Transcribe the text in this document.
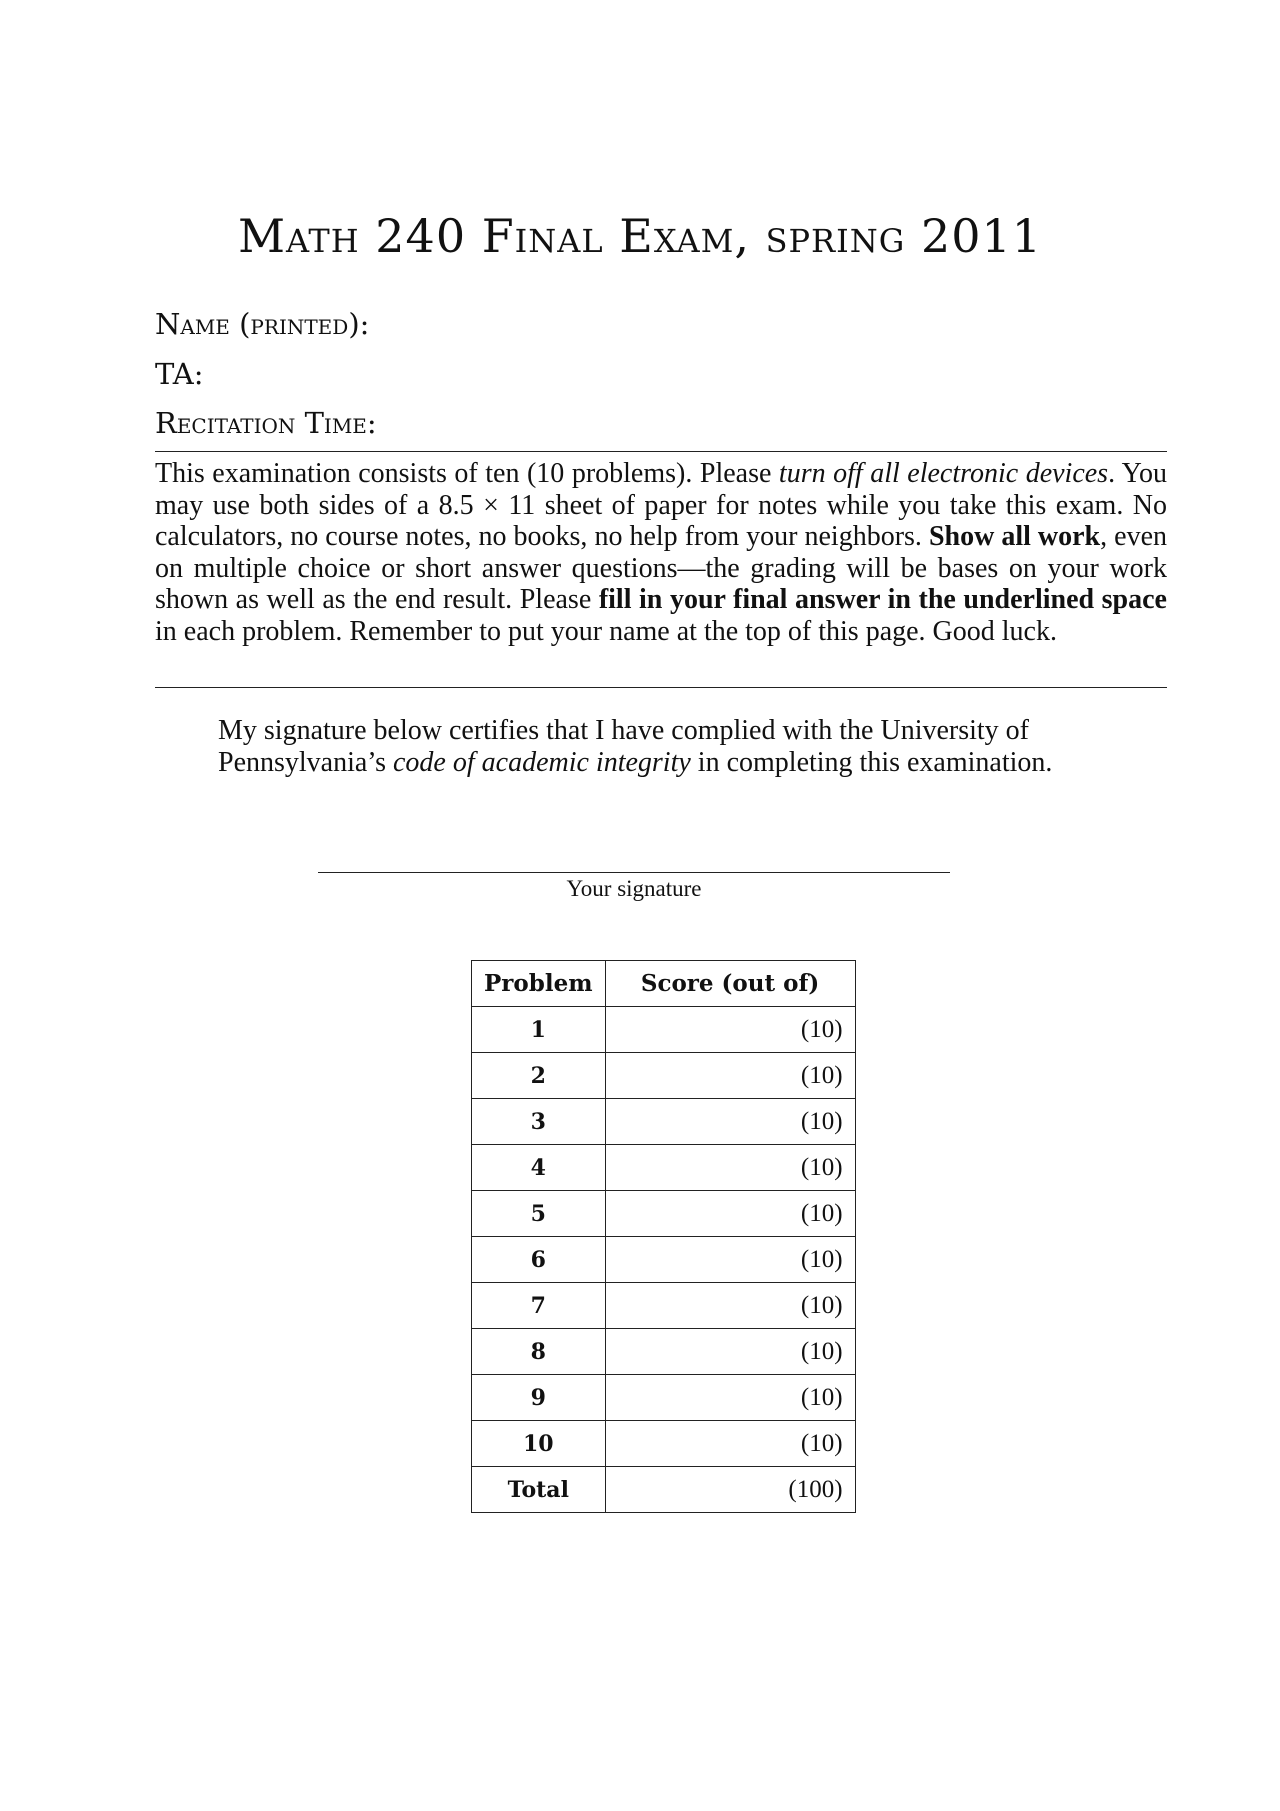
Math 240 Final Exam, spring 2011
Name (printed):
TA:
Recitation Time:
This examination consists of ten (10 problems). Please turn off all electronic devices. You may use both sides of a 8.5 × 11 sheet of paper for notes while you take this exam. No calculators, no course notes, no books, no help from your neighbors. Show all work, even on multiple choice or short answer questions—the grading will be bases on your work shown as well as the end result. Please fill in your final answer in the underlined space in each problem. Remember to put your name at the top of this page. Good luck.
My signature below certifies that I have complied with the University of Pennsylvania’s code of academic integrity in completing this examination.
Your signature
Problem	Score (out of)
1	(10)
2	(10)
3	(10)
4	(10)
5	(10)
6	(10)
7	(10)
8	(10)
9	(10)
10	(10)
Total	(100)
